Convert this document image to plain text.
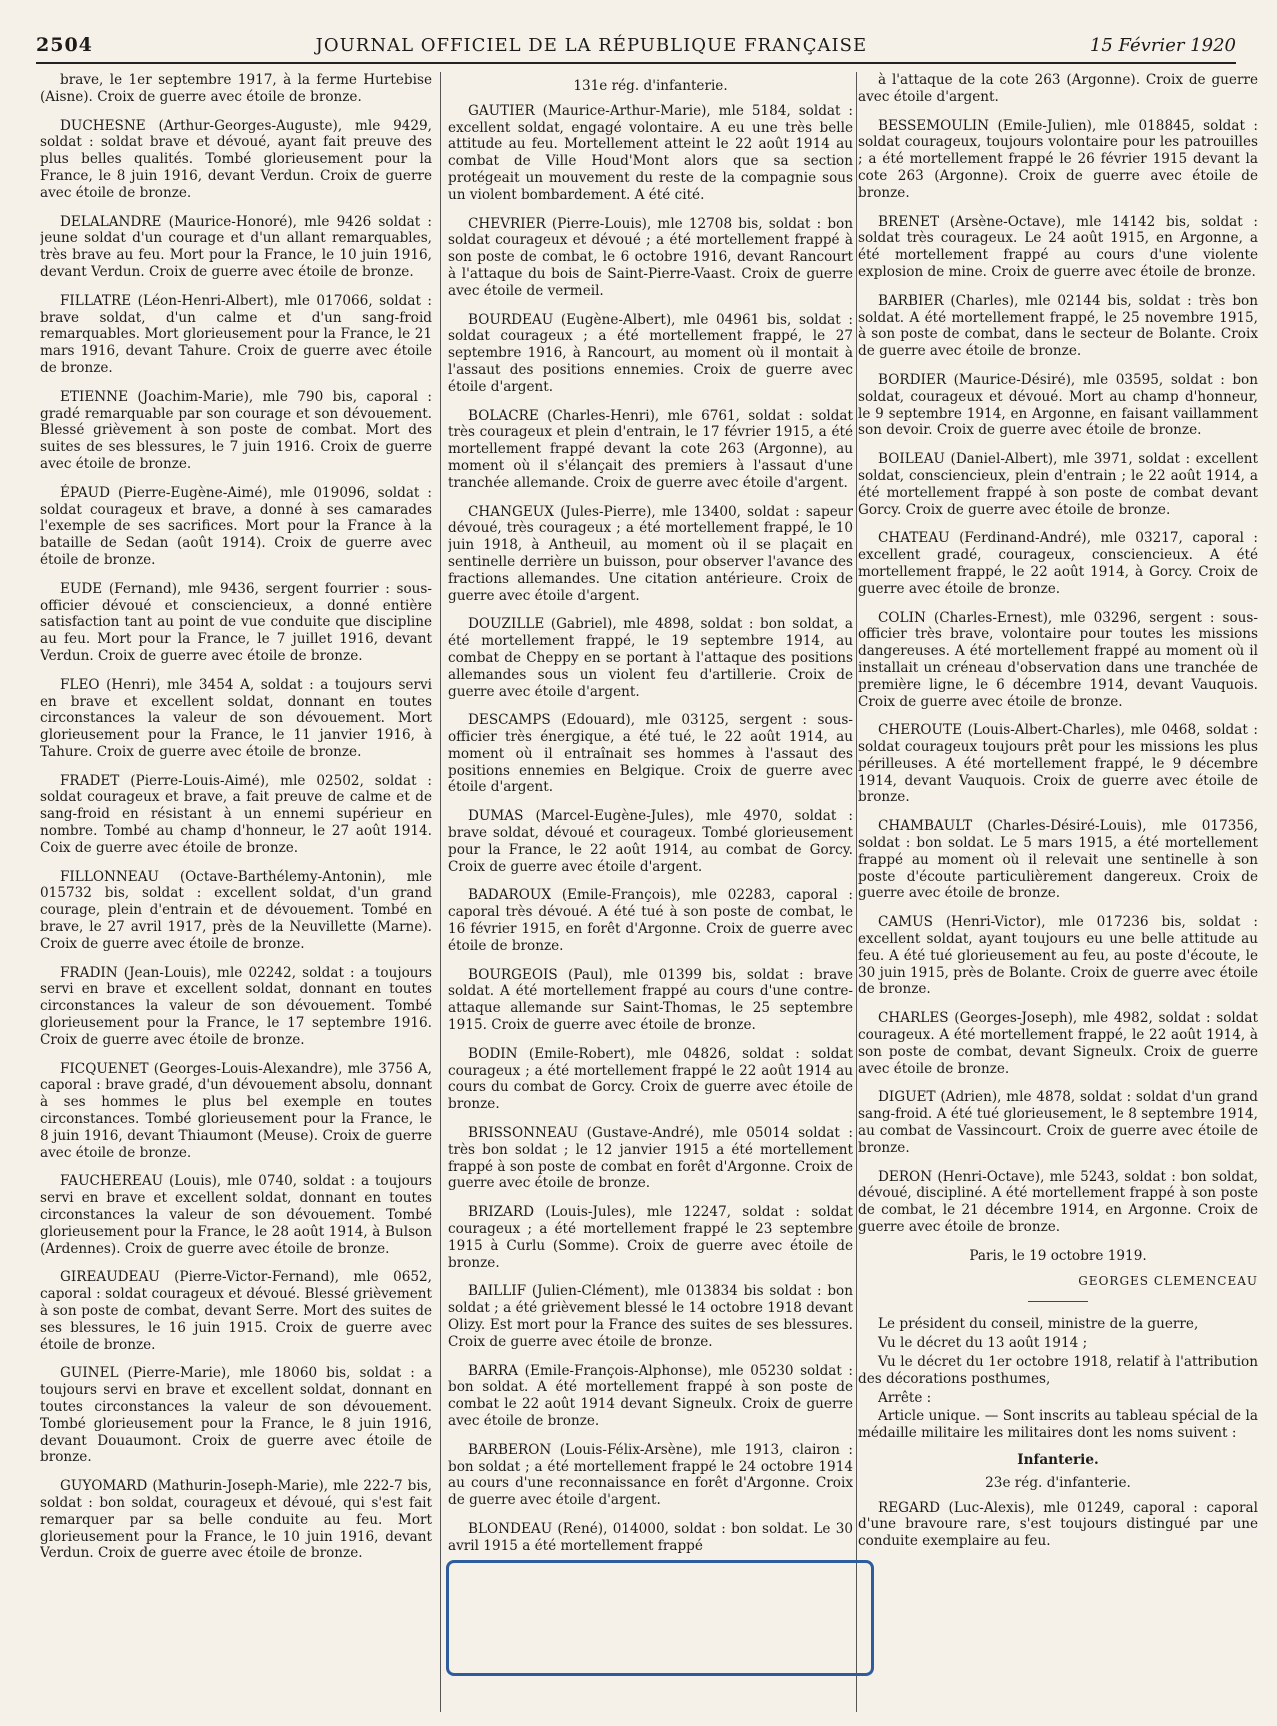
2504	JOURNAL OFFICIEL DE LA RÉPUBLIQUE FRANÇAISE	15 Février 1920

brave, le 1er septembre 1917, à la ferme Hurtebise (Aisne). Croix de guerre avec étoile de bronze.

DUCHESNE (Arthur-Georges-Auguste), mle 9429, soldat : soldat brave et dévoué, ayant fait preuve des plus belles qualités. Tombé glorieusement pour la France, le 8 juin 1916, devant Verdun. Croix de guerre avec étoile de bronze.

DELALANDRE (Maurice-Honoré), mle 9426 soldat : jeune soldat d'un courage et d'un allant remarquables, très brave au feu. Mort pour la France, le 10 juin 1916, devant Verdun. Croix de guerre avec étoile de bronze.

FILLATRE (Léon-Henri-Albert), mle 017066, soldat : brave soldat, d'un calme et d'un sang-froid remarquables. Mort glorieusement pour la France, le 21 mars 1916, devant Tahure. Croix de guerre avec étoile de bronze.

ETIENNE (Joachim-Marie), mle 790 bis, caporal : gradé remarquable par son courage et son dévouement. Blessé grièvement à son poste de combat. Mort des suites de ses blessures, le 7 juin 1916. Croix de guerre avec étoile de bronze.

ÉPAUD (Pierre-Eugène-Aimé), mle 019096, soldat : soldat courageux et brave, a donné à ses camarades l'exemple de ses sacrifices. Mort pour la France à la bataille de Sedan (août 1914). Croix de guerre avec étoile de bronze.

EUDE (Fernand), mle 9436, sergent fourrier : sous-officier dévoué et consciencieux, a donné entière satisfaction tant au point de vue conduite que discipline au feu. Mort pour la France, le 7 juillet 1916, devant Verdun. Croix de guerre avec étoile de bronze.

FLEO (Henri), mle 3454 A, soldat : a toujours servi en brave et excellent soldat, donnant en toutes circonstances la valeur de son dévouement. Mort glorieusement pour la France, le 11 janvier 1916, à Tahure. Croix de guerre avec étoile de bronze.

FRADET (Pierre-Louis-Aimé), mle 02502, soldat : soldat courageux et brave, a fait preuve de calme et de sang-froid en résistant à un ennemi supérieur en nombre. Tombé au champ d'honneur, le 27 août 1914. Coix de guerre avec étoile de bronze.

FILLONNEAU (Octave-Barthélemy-Antonin), mle 015732 bis, soldat : excellent soldat, d'un grand courage, plein d'entrain et de dévouement. Tombé en brave, le 27 avril 1917, près de la Neuvillette (Marne). Croix de guerre avec étoile de bronze.

FRADIN (Jean-Louis), mle 02242, soldat : a toujours servi en brave et excellent soldat, donnant en toutes circonstances la valeur de son dévouement. Tombé glorieusement pour la France, le 17 septembre 1916. Croix de guerre avec étoile de bronze.

FICQUENET (Georges-Louis-Alexandre), mle 3756 A, caporal : brave gradé, d'un dévouement absolu, donnant à ses hommes le plus bel exemple en toutes circonstances. Tombé glorieusement pour la France, le 8 juin 1916, devant Thiaumont (Meuse). Croix de guerre avec étoile de bronze.

FAUCHEREAU (Louis), mle 0740, soldat : a toujours servi en brave et excellent soldat, donnant en toutes circonstances la valeur de son dévouement. Tombé glorieusement pour la France, le 28 août 1914, à Bulson (Ardennes). Croix de guerre avec étoile de bronze.

GIREAUDEAU (Pierre-Victor-Fernand), mle 0652, caporal : soldat courageux et dévoué. Blessé grièvement à son poste de combat, devant Serre. Mort des suites de ses blessures, le 16 juin 1915. Croix de guerre avec étoile de bronze.

GUINEL (Pierre-Marie), mle 18060 bis, soldat : a toujours servi en brave et excellent soldat, donnant en toutes circonstances la valeur de son dévouement. Tombé glorieusement pour la France, le 8 juin 1916, devant Douaumont. Croix de guerre avec étoile de bronze.

GUYOMARD (Mathurin-Joseph-Marie), mle 222-7 bis, soldat : bon soldat, courageux et dévoué, qui s'est fait remarquer par sa belle conduite au feu. Mort glorieusement pour la France, le 10 juin 1916, devant Verdun. Croix de guerre avec étoile de bronze.

131e rég. d'infanterie.

GAUTIER (Maurice-Arthur-Marie), mle 5184, soldat : excellent soldat, engagé volontaire. A eu une très belle attitude au feu. Mortellement atteint le 22 août 1914 au combat de Ville Houd'Mont alors que sa section protégeait un mouvement du reste de la compagnie sous un violent bombardement. A été cité.

CHEVRIER (Pierre-Louis), mle 12708 bis, soldat : bon soldat courageux et dévoué ; a été mortellement frappé à son poste de combat, le 6 octobre 1916, devant Rancourt à l'attaque du bois de Saint-Pierre-Vaast. Croix de guerre avec étoile de vermeil.

BOURDEAU (Eugène-Albert), mle 04961 bis, soldat : soldat courageux ; a été mortellement frappé, le 27 septembre 1916, à Rancourt, au moment où il montait à l'assaut des positions ennemies. Croix de guerre avec étoile d'argent.

BOLACRE (Charles-Henri), mle 6761, soldat : soldat très courageux et plein d'entrain, le 17 février 1915, a été mortellement frappé devant la cote 263 (Argonne), au moment où il s'élançait des premiers à l'assaut d'une tranchée allemande. Croix de guerre avec étoile d'argent.

CHANGEUX (Jules-Pierre), mle 13400, soldat : sapeur dévoué, très courageux ; a été mortellement frappé, le 10 juin 1918, à Antheuil, au moment où il se plaçait en sentinelle derrière un buisson, pour observer l'avance des fractions allemandes. Une citation antérieure. Croix de guerre avec étoile d'argent.

DOUZILLE (Gabriel), mle 4898, soldat : bon soldat, a été mortellement frappé, le 19 septembre 1914, au combat de Cheppy en se portant à l'attaque des positions allemandes sous un violent feu d'artillerie. Croix de guerre avec étoile d'argent.

DESCAMPS (Edouard), mle 03125, sergent : sous-officier très énergique, a été tué, le 22 août 1914, au moment où il entraînait ses hommes à l'assaut des positions ennemies en Belgique. Croix de guerre avec étoile d'argent.

DUMAS (Marcel-Eugène-Jules), mle 4970, soldat : brave soldat, dévoué et courageux. Tombé glorieusement pour la France, le 22 août 1914, au combat de Gorcy. Croix de guerre avec étoile d'argent.

BADAROUX (Emile-François), mle 02283, caporal : caporal très dévoué. A été tué à son poste de combat, le 16 février 1915, en forêt d'Argonne. Croix de guerre avec étoile de bronze.

BOURGEOIS (Paul), mle 01399 bis, soldat : brave soldat. A été mortellement frappé au cours d'une contre-attaque allemande sur Saint-Thomas, le 25 septembre 1915. Croix de guerre avec étoile de bronze.

BODIN (Emile-Robert), mle 04826, soldat : soldat courageux ; a été mortellement frappé le 22 août 1914 au cours du combat de Gorcy. Croix de guerre avec étoile de bronze.

BRISSONNEAU (Gustave-André), mle 05014 soldat : très bon soldat ; le 12 janvier 1915 a été mortellement frappé à son poste de combat en forêt d'Argonne. Croix de guerre avec étoile de bronze.

BRIZARD (Louis-Jules), mle 12247, soldat : soldat courageux ; a été mortellement frappé le 23 septembre 1915 à Curlu (Somme). Croix de guerre avec étoile de bronze.

BAILLIF (Julien-Clément), mle 013834 bis soldat : bon soldat ; a été grièvement blessé le 14 octobre 1918 devant Olizy. Est mort pour la France des suites de ses blessures. Croix de guerre avec étoile de bronze.

BARRA (Emile-François-Alphonse), mle 05230 soldat : bon soldat. A été mortellement frappé à son poste de combat le 22 août 1914 devant Signeulx. Croix de guerre avec étoile de bronze.

BARBERON (Louis-Félix-Arsène), mle 1913, clairon : bon soldat ; a été mortellement frappé le 24 octobre 1914 au cours d'une reconnaissance en forêt d'Argonne. Croix de guerre avec étoile d'argent.

BLONDEAU (René), 014000, soldat : bon soldat. Le 30 avril 1915 a été mortellement frappé

à l'attaque de la cote 263 (Argonne). Croix de guerre avec étoile d'argent.

BESSEMOULIN (Emile-Julien), mle 018845, soldat : soldat courageux, toujours volontaire pour les patrouilles ; a été mortellement frappé le 26 février 1915 devant la cote 263 (Argonne). Croix de guerre avec étoile de bronze.

BRENET (Arsène-Octave), mle 14142 bis, soldat : soldat très courageux. Le 24 août 1915, en Argonne, a été mortellement frappé au cours d'une violente explosion de mine. Croix de guerre avec étoile de bronze.

BARBIER (Charles), mle 02144 bis, soldat : très bon soldat. A été mortellement frappé, le 25 novembre 1915, à son poste de combat, dans le secteur de Bolante. Croix de guerre avec étoile de bronze.

BORDIER (Maurice-Désiré), mle 03595, soldat : bon soldat, courageux et dévoué. Mort au champ d'honneur, le 9 septembre 1914, en Argonne, en faisant vaillamment son devoir. Croix de guerre avec étoile de bronze.

BOILEAU (Daniel-Albert), mle 3971, soldat : excellent soldat, consciencieux, plein d'entrain ; le 22 août 1914, a été mortellement frappé à son poste de combat devant Gorcy. Croix de guerre avec étoile de bronze.

CHATEAU (Ferdinand-André), mle 03217, caporal : excellent gradé, courageux, consciencieux. A été mortellement frappé, le 22 août 1914, à Gorcy. Croix de guerre avec étoile de bronze.

COLIN (Charles-Ernest), mle 03296, sergent : sous-officier très brave, volontaire pour toutes les missions dangereuses. A été mortellement frappé au moment où il installait un créneau d'observation dans une tranchée de première ligne, le 6 décembre 1914, devant Vauquois. Croix de guerre avec étoile de bronze.

CHEROUTE (Louis-Albert-Charles), mle 0468, soldat : soldat courageux toujours prêt pour les missions les plus périlleuses. A été mortellement frappé, le 9 décembre 1914, devant Vauquois. Croix de guerre avec étoile de bronze.

CHAMBAULT (Charles-Désiré-Louis), mle 017356, soldat : bon soldat. Le 5 mars 1915, a été mortellement frappé au moment où il relevait une sentinelle à son poste d'écoute particulièrement dangereux. Croix de guerre avec étoile de bronze.

CAMUS (Henri-Victor), mle 017236 bis, soldat : excellent soldat, ayant toujours eu une belle attitude au feu. A été tué glorieusement au feu, au poste d'écoute, le 30 juin 1915, près de Bolante. Croix de guerre avec étoile de bronze.

CHARLES (Georges-Joseph), mle 4982, soldat : soldat courageux. A été mortellement frappé, le 22 août 1914, à son poste de combat, devant Signeulx. Croix de guerre avec étoile de bronze.

DIGUET (Adrien), mle 4878, soldat : soldat d'un grand sang-froid. A été tué glorieusement, le 8 septembre 1914, au combat de Vassincourt. Croix de guerre avec étoile de bronze.

DERON (Henri-Octave), mle 5243, soldat : bon soldat, dévoué, discipliné. A été mortellement frappé à son poste de combat, le 21 décembre 1914, en Argonne. Croix de guerre avec étoile de bronze.

Paris, le 19 octobre 1919.

GEORGES CLEMENCEAU

Le président du conseil, ministre de la guerre,

Vu le décret du 13 août 1914 ;

Vu le décret du 1er octobre 1918, relatif à l'attribution des décorations posthumes,

Arrête :

Article unique. — Sont inscrits au tableau spécial de la médaille militaire les militaires dont les noms suivent :

Infanterie.

23e rég. d'infanterie.

REGARD (Luc-Alexis), mle 01249, caporal : caporal d'une bravoure rare, s'est toujours distingué par une conduite exemplaire au feu.
